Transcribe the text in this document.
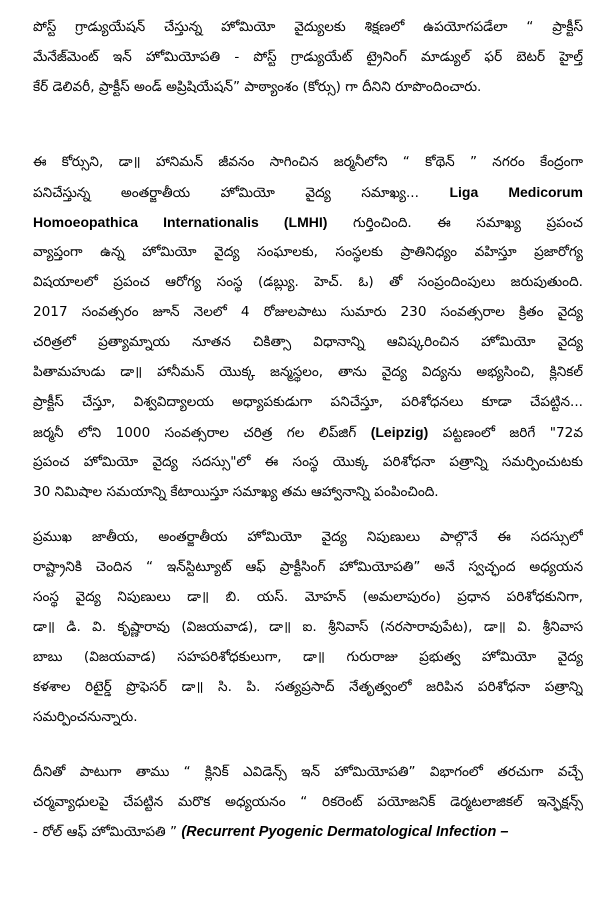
పోస్ట్ గ్రాడ్యుయేషన్ చేస్తున్న హోమియో వైద్యులకు శిక్షణలో ఉపయోగపడేలా “ ప్రాక్టీస్
మేనేజ్‌మెంట్ ఇన్ హోమియోపతి - పోస్ట్ గ్రాడ్యుయేట్ ట్రైనింగ్ మాడ్యుల్ ఫర్ బెటర్ హైల్త్
కేర్ డెలివరీ, ప్రాక్టీస్ అండ్ అప్రిషియేషన్” పాఠ్యాంశం (కోర్సు) గా దీనిని రూపొందించారు.

ఈ కోర్సుని, డా॥ హానిమన్ జీవనం సాగించిన జర్మనీలోని “ కోథెన్ ” నగరం కేంద్రంగా
పనిచేస్తున్న అంతర్జాతీయ హోమియో వైద్య సమాఖ్య... Liga Medicorum
Homoeopathica Internationalis (LMHI) గుర్తించింది. ఈ సమాఖ్య ప్రపంచ
వ్యాప్తంగా ఉన్న హోమియో వైద్య సంఘాలకు, సంస్థలకు ప్రాతినిధ్యం వహిస్తూ ప్రజారోగ్య
విషయాలలో ప్రపంచ ఆరోగ్య సంస్థ (డబ్ల్యు. హెచ్. ఓ) తో సంప్రందింపులు జరుపుతుంది.
2017 సంవత్సరం జూన్ నెలలో 4 రోజులపాటు సుమారు 230 సంవత్సరాల క్రితం వైద్య
చరిత్రలో ప్రత్యామ్నాయ నూతన చికిత్సా విధానాన్ని ఆవిష్కరించిన హోమియో వైద్య
పితామహుడు డా॥ హానీమన్ యొక్క జన్మస్థలం, తాను వైద్య విద్యను అభ్యసించి, క్లినికల్
ప్రాక్టీస్ చేస్తూ, విశ్వవిద్యాలయ అధ్యాపకుడుగా పనిచేస్తూ, పరిశోధనలు కూడా చేపట్టిన...
జర్మనీ లోని 1000 సంవత్సరాల చరిత్ర గల లిప్‌జిగ్ (Leipzig) పట్టణంలో జరిగే "72వ
ప్రపంచ హోమియో వైద్య సదస్సు"లో ఈ సంస్థ యొక్క పరిశోధనా పత్రాన్ని సమర్పించుటకు
30 నిమిషాల సమయాన్ని కేటాయిస్తూ సమాఖ్య తమ ఆహ్వానాన్ని పంపించింది.

ప్రముఖ జాతీయ, అంతర్జాతీయ హోమియో వైద్య నిపుణులు పాల్గొనే ఈ సదస్సులో
రాష్ట్రానికి చెందిన “ ఇన్‌స్టిట్యూట్ ఆఫ్ ప్రాక్టీసింగ్ హోమియోపతి” అనే స్వచ్ఛంద అధ్యయన
సంస్థ వైద్య నిపుణులు డా॥ బి. యస్. మోహన్ (అమలాపురం) ప్రధాన పరిశోధకునిగా,
డా॥ డి. వి. కృష్ణారావు (విజయవాడ), డా॥ ఐ. శ్రీనివాస్ (నరసారావుపేట), డా॥ వి. శ్రీనివాస
బాబు (విజయవాడ) సహపరిశోధకులుగా, డా॥ గురురాజు ప్రభుత్వ హోమియో వైద్య
కళశాల రిటైర్డ్ ప్రొఫెసర్ డా॥ సి. పి. సత్యప్రసాద్ నేతృత్వంలో జరిపిన పరిశోధనా పత్రాన్ని
సమర్పించనున్నారు.

దీనితో పాటుగా తాము “ క్లినిక్ ఎవిడెన్స్ ఇన్ హోమియోపతి” విభాగంలో తరచుగా వచ్చే
చర్మవ్యాధులపై చేపట్టిన మరొక అధ్యయనం “ రికరెంట్ పయోజనిక్ డెర్మటలాజికల్ ఇన్ఫెక్షన్స్
- రోల్ ఆఫ్ హోమియోపతి ” (Recurrent Pyogenic Dermatological Infection –
